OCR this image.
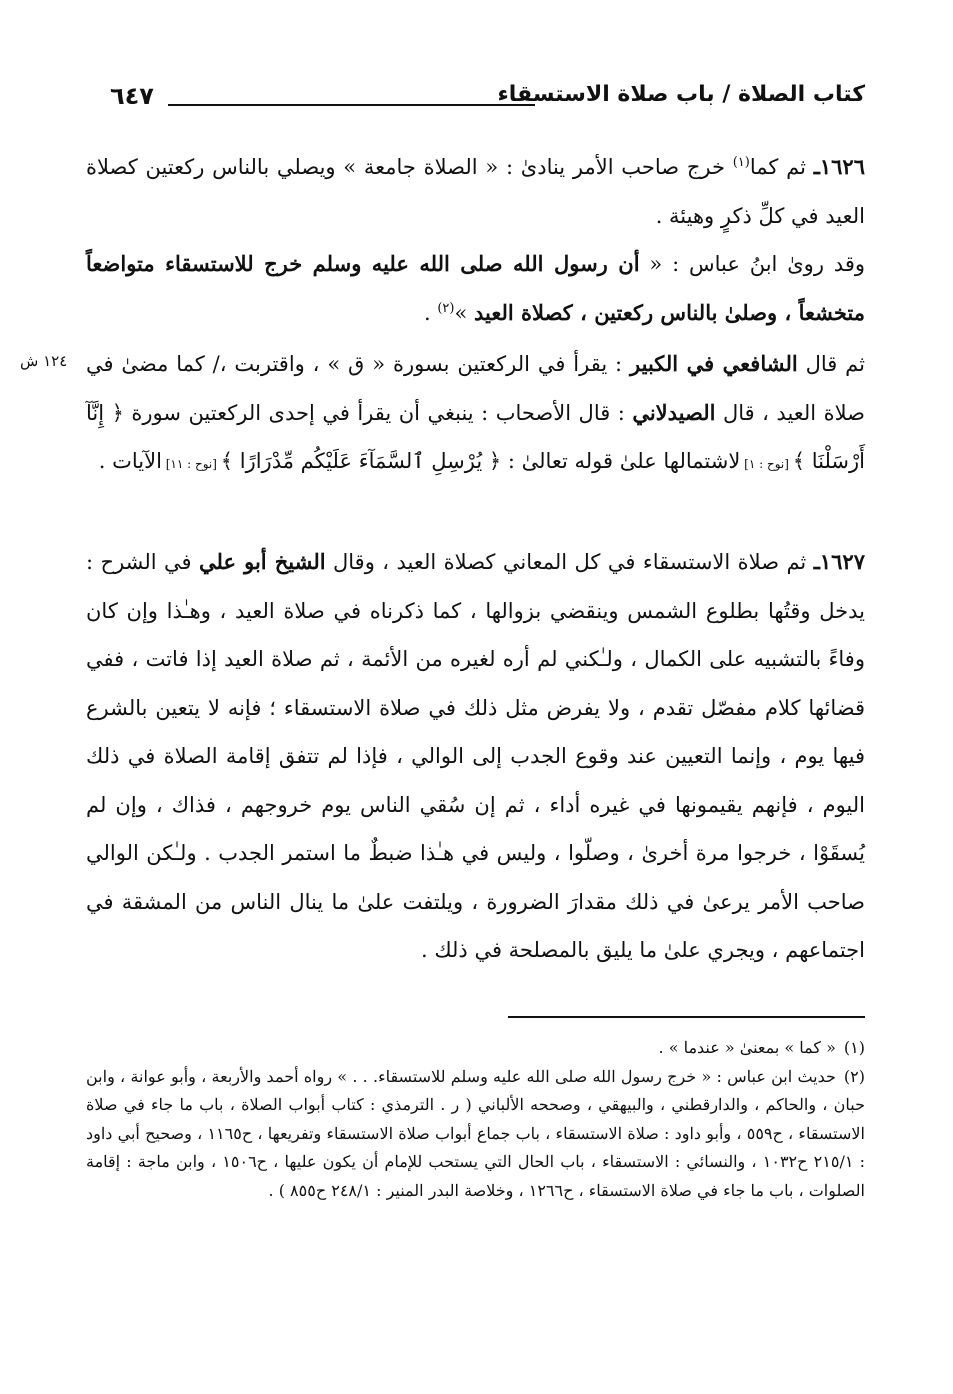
كتاب الصلاة / باب صلاة الاستسقاء
٦٤٧
١٢٤ ش

١٦٢٦ـ ثم كما$^{(١)}$ خرج صاحب الأمر ينادىٰ : « الصلاة جامعة » ويصلي بالناس ركعتين كصلاة العيد في كلِّ ذكرٍ وهيئة .

وقد روىٰ ابنُ عباس : « أن رسول الله صلى الله عليه وسلم خرج للاستسقاء متواضعاً متخشعاً ، وصلىٰ بالناس ركعتين ، كصلاة العيد »$^{(٢)}$ .

ثم قال الشافعي في الكبير : يقرأ في الركعتين بسورة « ق » ، واقتربت ،/ كما مضىٰ في صلاة العيد ، قال الصيدلاني : قال الأصحاب : ينبغي أن يقرأ في إحدى الركعتين سورة ﴿ إِنَّآ أَرْسَلْنَا ﴾ [نوح : ١] لاشتمالها علىٰ قوله تعالىٰ : ﴿ يُرْسِلِ ٱلسَّمَآءَ عَلَيْكُم مِّدْرَارًا ﴾ [نوح : ١١] الآيات .

١٦٢٧ـ ثم صلاة الاستسقاء في كل المعاني كصلاة العيد ، وقال الشيخ أبو علي في الشرح : يدخل وقتُها بطلوع الشمس وينقضي بزوالها ، كما ذكرناه في صلاة العيد ، وهـٰذا وإن كان وفاءً بالتشبيه على الكمال ، ولـٰكني لم أره لغيره من الأئمة ، ثم صلاة العيد إذا فاتت ، ففي قضائها كلام مفصّل تقدم ، ولا يفرض مثل ذلك في صلاة الاستسقاء ؛ فإنه لا يتعين بالشرع فيها يوم ، وإنما التعيين عند وقوع الجدب إلى الوالي ، فإذا لم تتفق إقامة الصلاة في ذلك اليوم ، فإنهم يقيمونها في غيره أداء ، ثم إن سُقي الناس يوم خروجهم ، فذاك ، وإن لم يُسقَوْا ، خرجوا مرة أخرىٰ ، وصلّوا ، وليس في هـٰذا ضبطٌ ما استمر الجدب . ولـٰكن الوالي صاحب الأمر يرعىٰ في ذلك مقدارَ الضرورة ، ويلتفت علىٰ ما ينال الناس من المشقة في اجتماعهم ، ويجري علىٰ ما يليق بالمصلحة في ذلك .

(١)« كما » بمعنىٰ « عندما » .

(٢)حديث ابن عباس : « خرج رسول الله صلى الله عليه وسلم للاستسقاء. . . » رواه أحمد والأربعة ، وأبو عوانة ، وابن حبان ، والحاكم ، والدارقطني ، والبيهقي ، وصححه الألباني ( ر . الترمذي : كتاب أبواب الصلاة ، باب ما جاء في صلاة الاستسقاء ، ح٥٥٩ ، وأبو داود : صلاة الاستسقاء ، باب جماع أبواب صلاة الاستسقاء وتفريعها ، ح١١٦٥ ، وصحيح أبي داود : ٢١٥/١ ح١٠٣٢ ، والنسائي : الاستسقاء ، باب الحال التي يستحب للإمام أن يكون عليها ، ح١٥٠٦ ، وابن ماجة : إقامة الصلوات ، باب ما جاء في صلاة الاستسقاء ، ح١٢٦٦ ، وخلاصة البدر المنير : ٢٤٨/١ ح٨٥٥ ) .
